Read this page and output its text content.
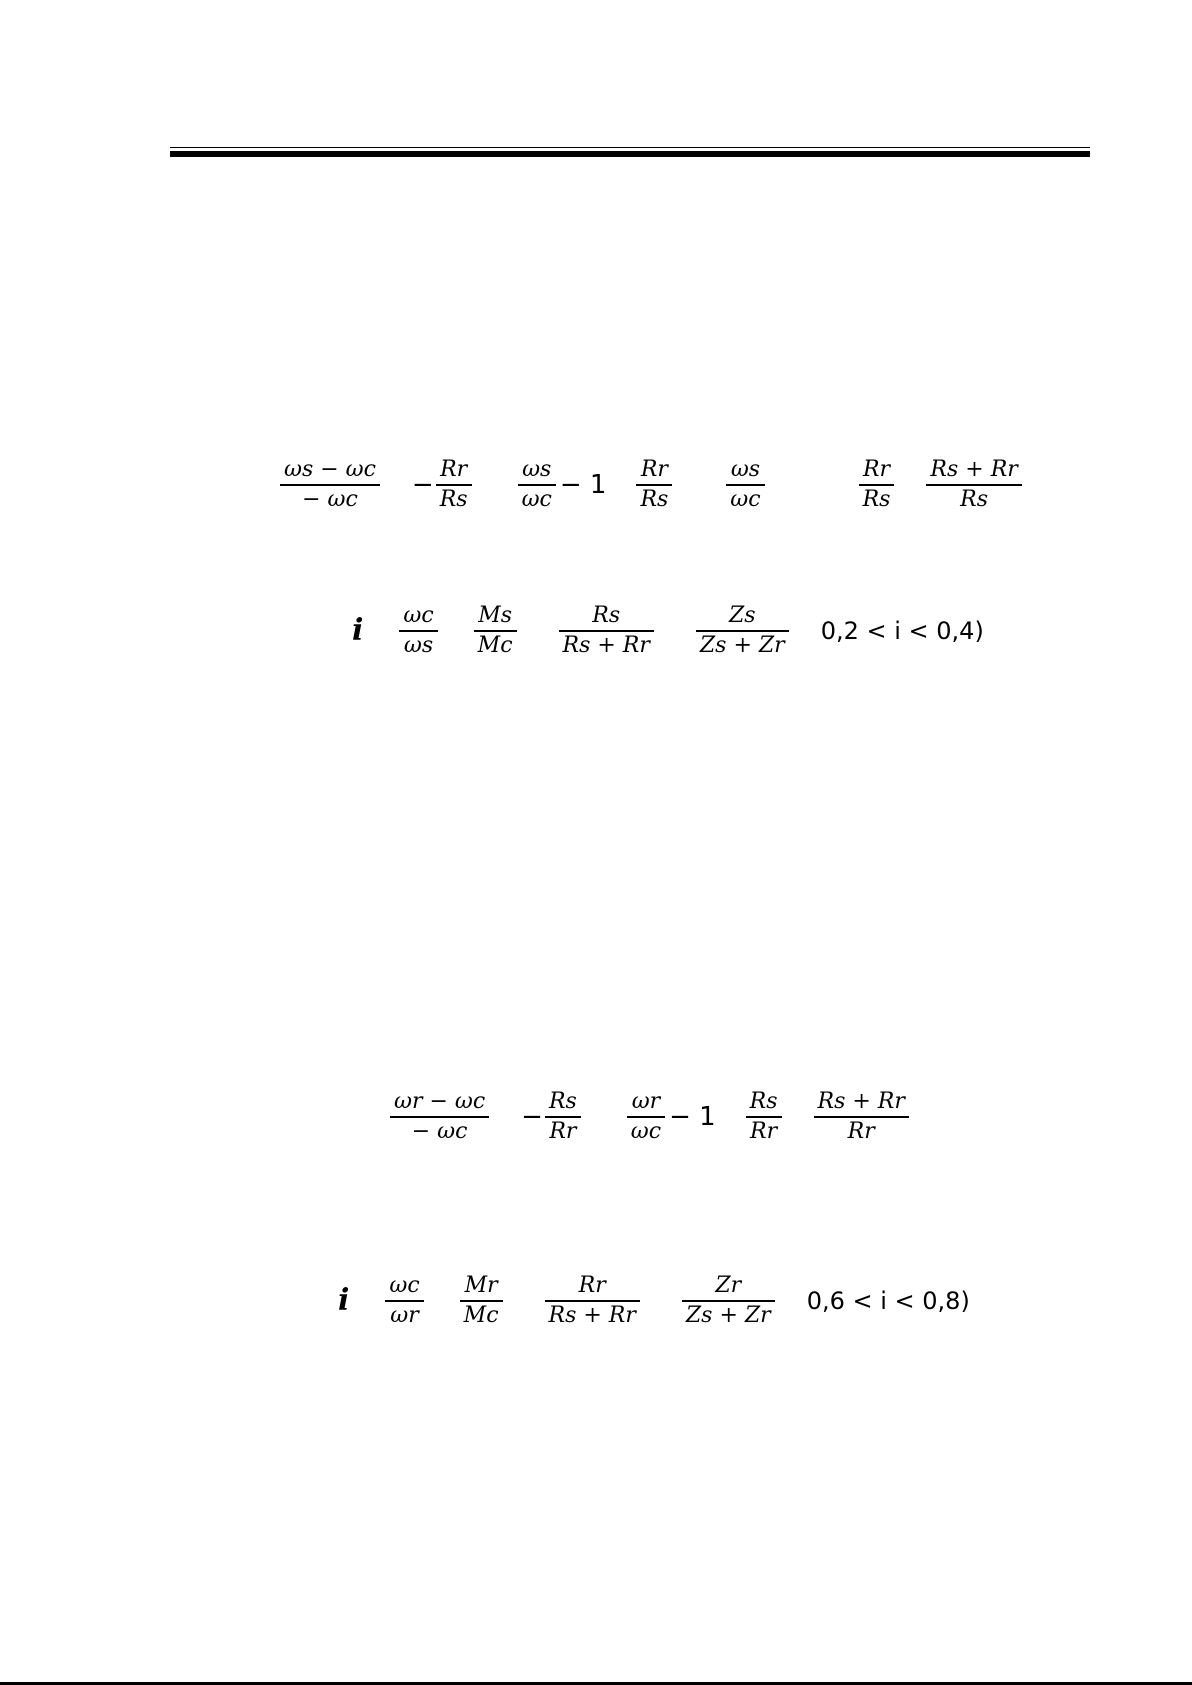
$\frac{\omega s - \omega c}{- \omega c} - \frac{Rr}{Rs} \frac{\omega s}{\omega c} - 1 \frac{Rr}{Rs} \frac{\omega s}{\omega c}$	$\frac{Rr}{Rs} \frac{Rs + Rr}{Rs}$
i $\frac{\omega c}{\omega s} \frac{Ms}{Mc} \frac{Rs}{Rs + Rr} \frac{Zs}{Zs + Zr} 0,2 < i < 0,4$)
$\frac{\omega r - \omega c}{- \omega c} - \frac{Rs}{Rr} \frac{\omega r}{\omega c} - 1 \frac{Rs}{Rr} \frac{Rs + Rr}{Rr}$
i $\frac{\omega c}{\omega r} \frac{Mr}{Mc} \frac{Rr}{Rs + Rr} \frac{Zr}{Zs + Zr} 0,6 < i < 0,8$)
